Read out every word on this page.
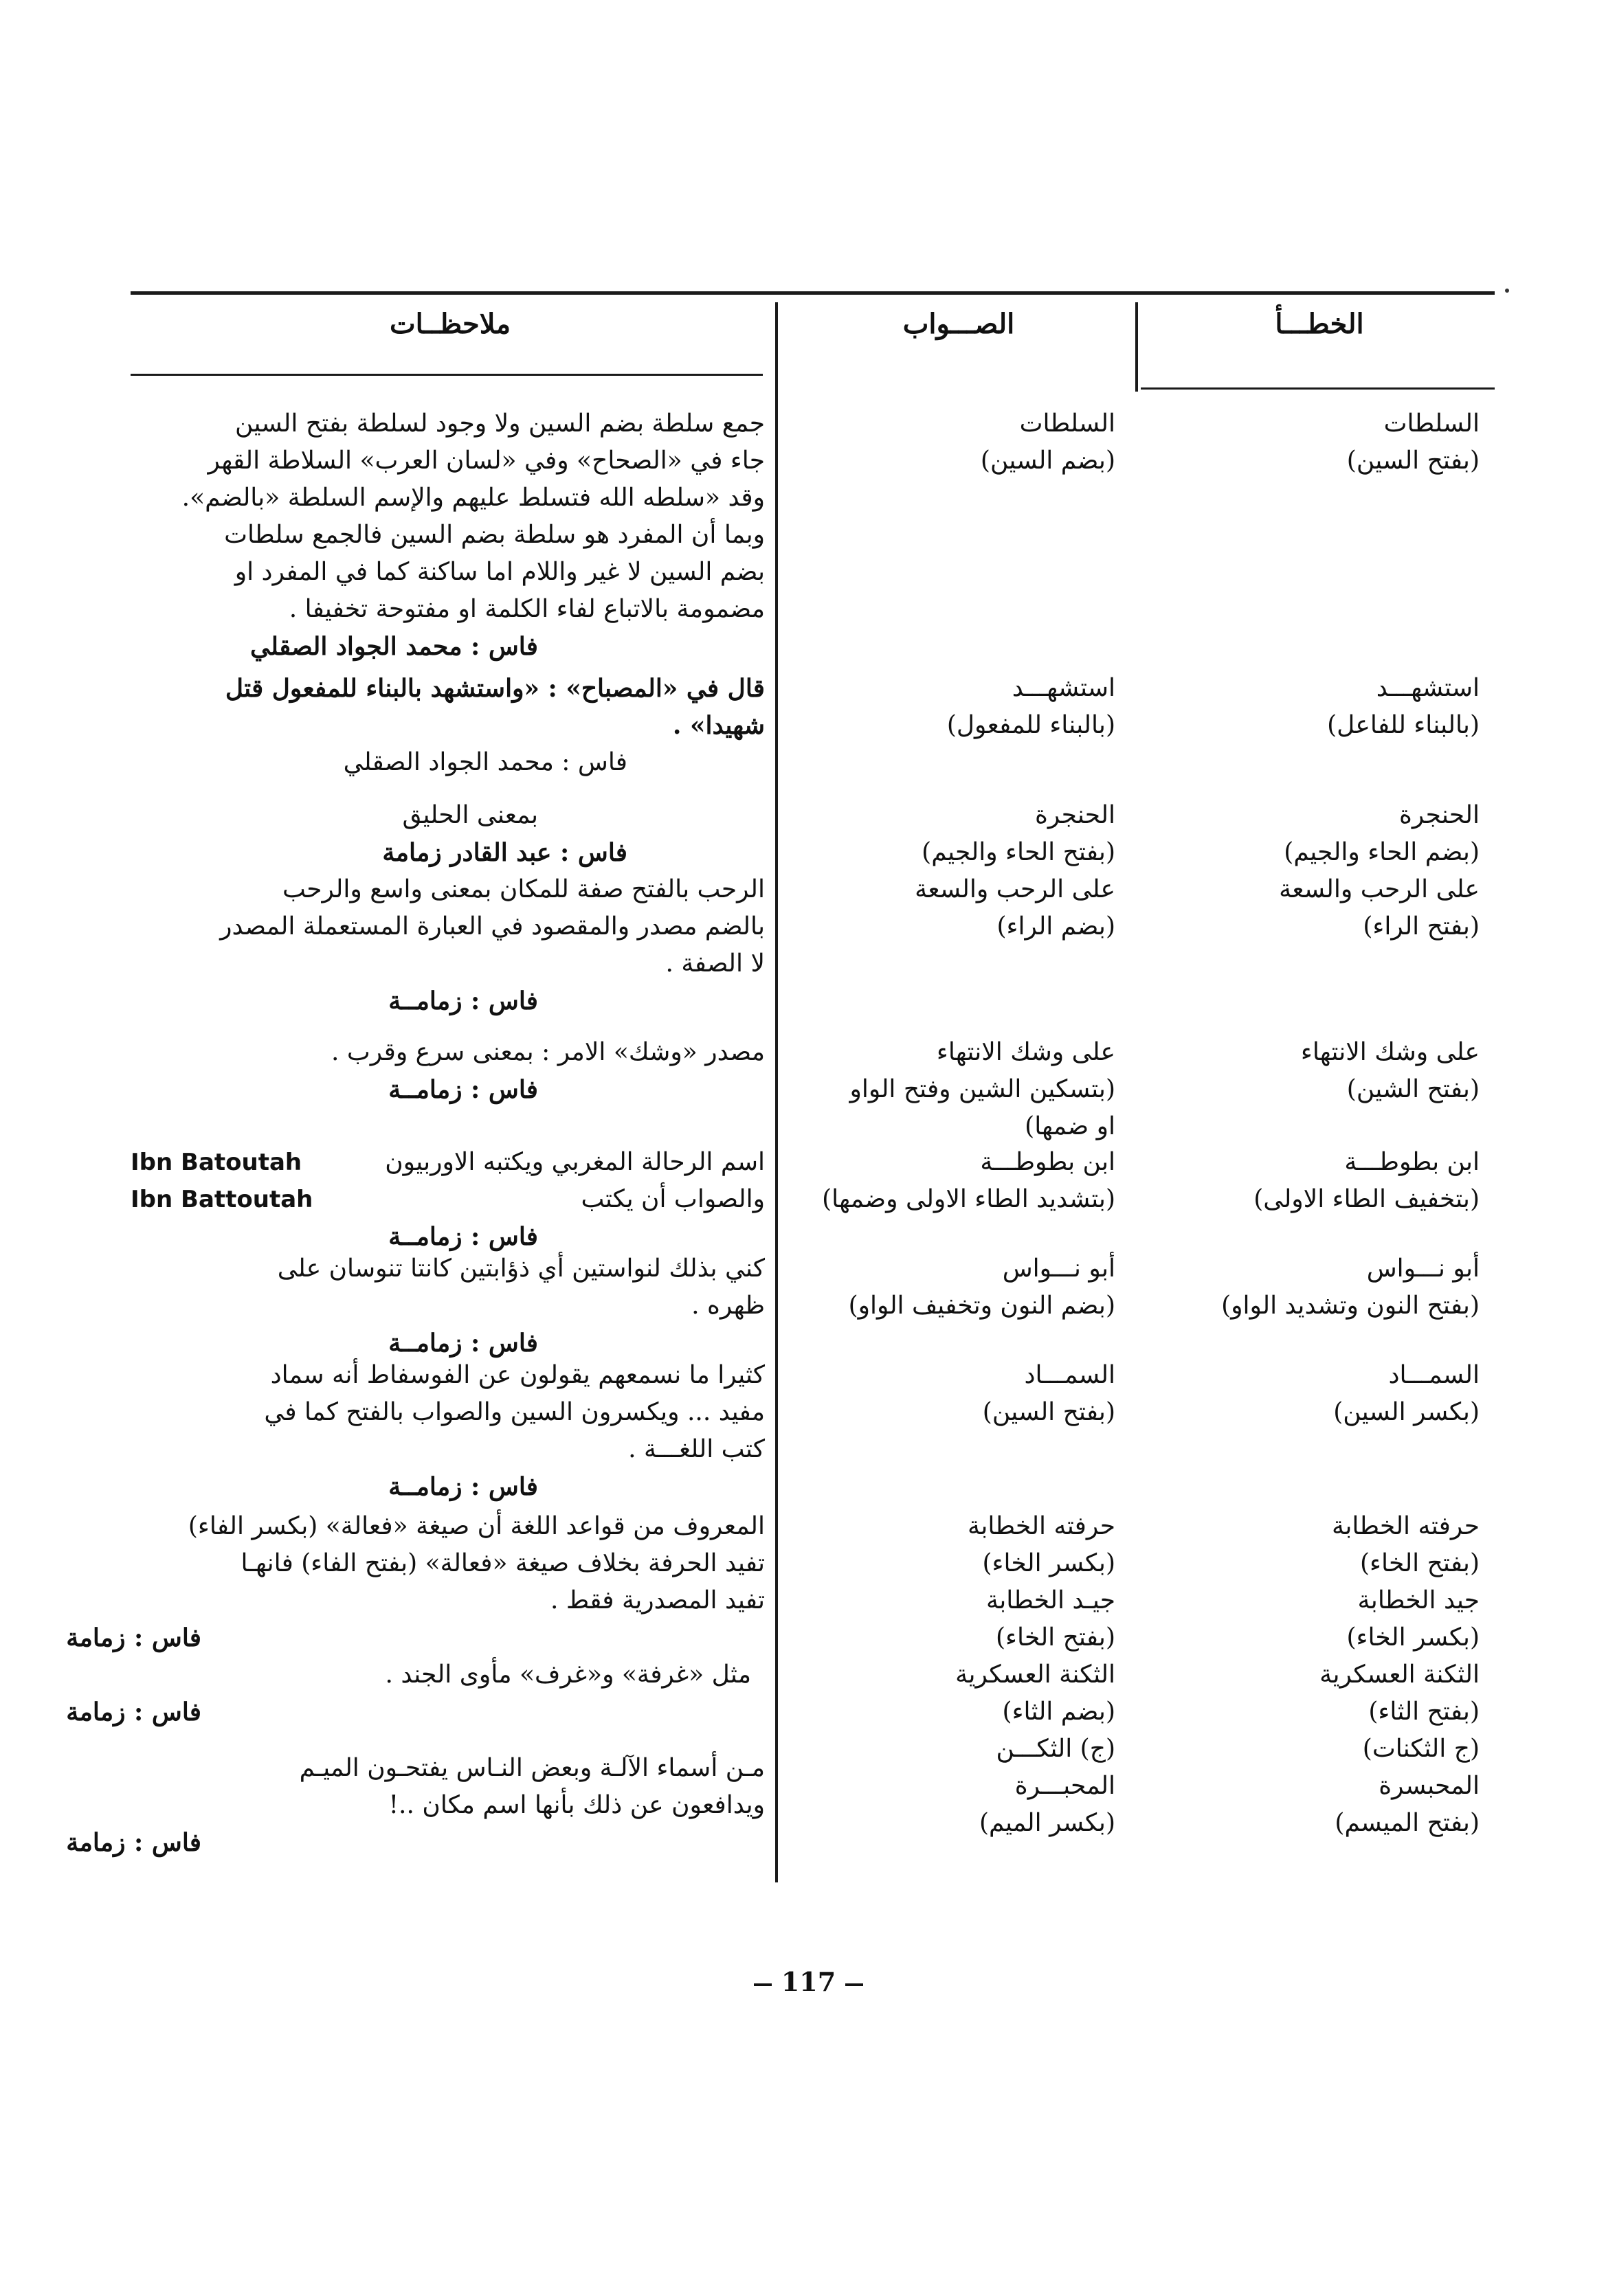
الخطـــأ
الصـــواب
ملاحظــات
السلطات
(بفتح السين)
السلطات
(بضم السين)
جمع سلطة بضم السين ولا وجود لسلطة بفتح السين
جاء في «الصحاح» وفي «لسان العرب» السلاطة القهر
وقد «سلطه الله فتسلط عليهم والإسم السلطة «بالضم».
وبما أن المفرد هو سلطة بضم السين فالجمع سلطات
بضم السين لا غير واللام اما ساكنة كما في المفرد او
مضمومة بالاتباع لفاء الكلمة او مفتوحة تخفيفا .
فاس : محمد الجواد الصقلي
استشهـــد
(بالبناء للفاعل)
استشهـــد
(بالبناء للمفعول)
قال في «المصباح» : «واستشهد بالبناء للمفعول قتل
شهيدا» .
فاس : محمد الجواد الصقلي
الحنجرة
(بضم الحاء والجيم)
على الرحب والسعة
(بفتح الراء)
الحنجرة
(بفتح الحاء والجيم)
على الرحب والسعة
(بضم الراء)
بمعنى الحليق
فاس : عبد القادر زمامة
الرحب بالفتح صفة للمكان بمعنى واسع والرحب
بالضم مصدر والمقصود في العبارة المستعملة المصدر
لا الصفة .
فاس : زمامــة
على وشك الانتهاء
(بفتح الشين)
على وشك الانتهاء
(بتسكين الشين وفتح الواو
او ضمها)
مصدر «وشك» الامر : بمعنى سرع وقرب .
فاس : زمامــة
ابن بطوطـــة
(بتخفيف الطاء الاولى)
ابن بطوطـــة
(بتشديد الطاء الاولى وضمها)
اسم الرحالة المغربي ويكتبه الاوربيون
والصواب أن يكتب
فاس : زمامــة
Ibn Batoutah
Ibn Battoutah
أبو نـــواس
(بفتح النون وتشديد الواو)
أبو نـــواس
(بضم النون وتخفيف الواو)
كني بذلك لنواستين أي ذؤابتين كانتا تنوسان على
ظهره .
فاس : زمامــة
السمـــاد
(بكسر السين)
السمـــاد
(بفتح السين)
كثيرا ما نسمعهم يقولون عن الفوسفاط أنه سماد
مفيد ... ويكسرون السين والصواب بالفتح كما في
كتب اللغـــة .
فاس : زمامــة
حرفته الخطابة
(بفتح الخاء)
جيد الخطابة
(بكسر الخاء)
الثكنة العسكرية
(بفتح الثاء)
(ج الثكنات)
المحبسرة
(بفتح الميسم)
حرفته الخطابة
(بكسر الخاء)
جيـد الخطابة
(بفتح الخاء)
الثكنة العسكرية
(بضم الثاء)
(ج) الثكـــن
المحبـــرة
(بكسر الميم)
المعروف من قواعد اللغة أن صيغة «فعالة» (بكسر الفاء)
تفيد الحرفة بخلاف صيغة «فعالة» (بفتح الفاء) فانهـا
تفيد المصدرية فقط .
فاس : زمامة
مثل «غرفة» و«غرف» مأوى الجند .
فاس : زمامة
مـن أسماء الآلـة وبعض النـاس يفتحـون الميـم
ويدافعون عن ذلك بأنها اسم مكان ..!
فاس : زمامة
117
